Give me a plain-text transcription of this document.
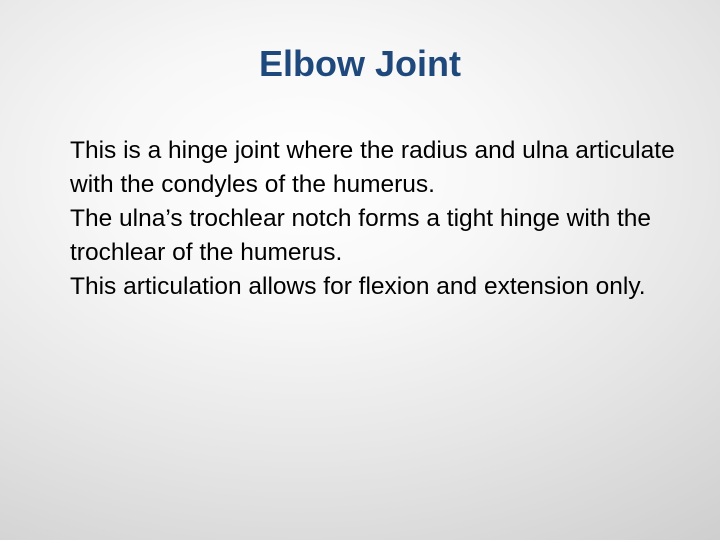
Elbow Joint

This is a hinge joint where the radius and ulna articulate with the condyles of the humerus.

The ulna’s trochlear notch forms a tight hinge with the trochlear of the humerus.

This articulation allows for flexion and extension only.
